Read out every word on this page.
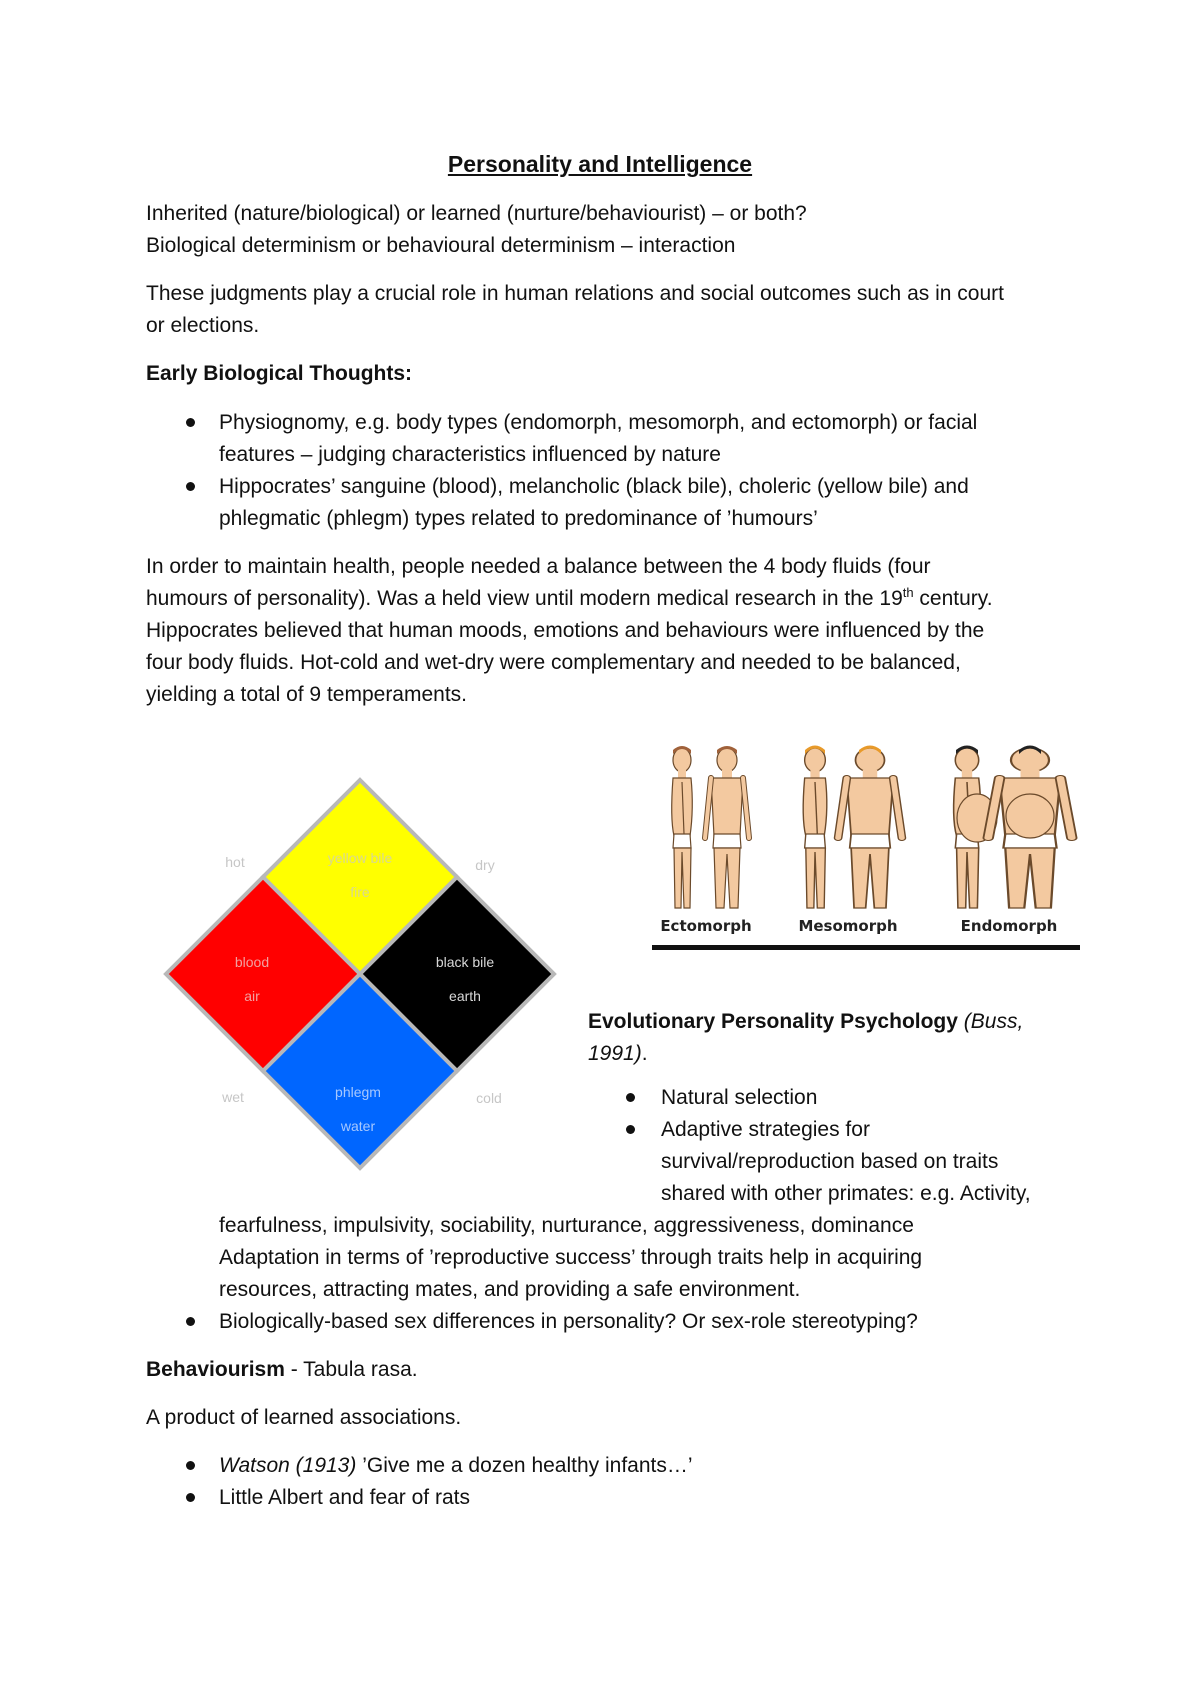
Personality and Intelligence
Inherited (nature/biological) or learned (nurture/behaviourist) – or both?
Biological determinism or behavioural determinism – interaction
These judgments play a crucial role in human relations and social outcomes such as in court
or elections.
Early Biological Thoughts:
Physiognomy, e.g. body types (endomorph, mesomorph, and ectomorph) or facial
features – judging characteristics influenced by nature
Hippocrates’ sanguine (blood), melancholic (black bile), choleric (yellow bile) and
phlegmatic (phlegm) types related to predominance of ’humours’
In order to maintain health, people needed a balance between the 4 body fluids (four
humours of personality). Was a held view until modern medical research in the 19th century.
Hippocrates believed that human moods, emotions and behaviours were influenced by the
four body fluids. Hot-cold and wet-dry were complementary and needed to be balanced,
yielding a total of 9 temperaments.
hot	dry
wet	cold
yellow bile
fire
blood
air
black bile
earth
phlegm
water
Ectomorph	Mesomorph	Endomorph
Evolutionary Personality Psychology (Buss,
1991).
Natural selection
Adaptive strategies for
survival/reproduction based on traits
shared with other primates: e.g. Activity,
fearfulness, impulsivity, sociability, nurturance, aggressiveness, dominance
Adaptation in terms of ’reproductive success’ through traits help in acquiring
resources, attracting mates, and providing a safe environment.
Biologically-based sex differences in personality? Or sex-role stereotyping?
Behaviourism - Tabula rasa.
A product of learned associations.
Watson (1913) ’Give me a dozen healthy infants…’
Little Albert and fear of rats
